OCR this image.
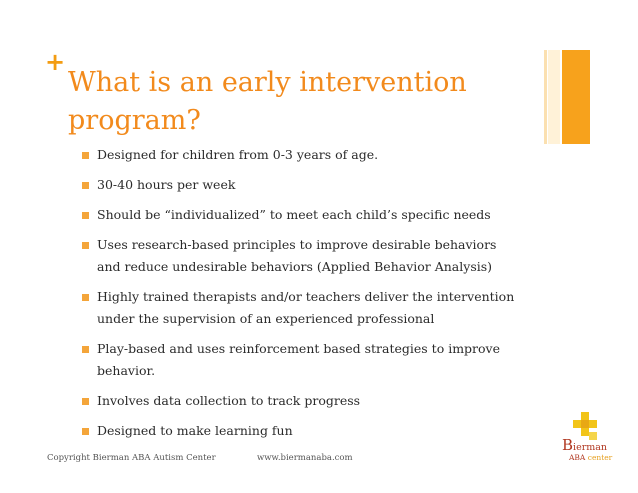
+
What is an early intervention program?
Designed for children from 0-3 years of age.
30-40 hours per week
Should be “individualized” to meet each child’s specific needs
Uses research-based principles to improve desirable behaviors and reduce undesirable behaviors (Applied Behavior Analysis)
Highly trained therapists and/or teachers deliver the intervention under the supervision of an experienced professional
Play-based and uses reinforcement based strategies to improve behavior.
Involves data collection to track progress
Designed to make learning fun
Copyright Bierman ABA Autism Center	www.biermanaba.com
Bierman
ABA center
